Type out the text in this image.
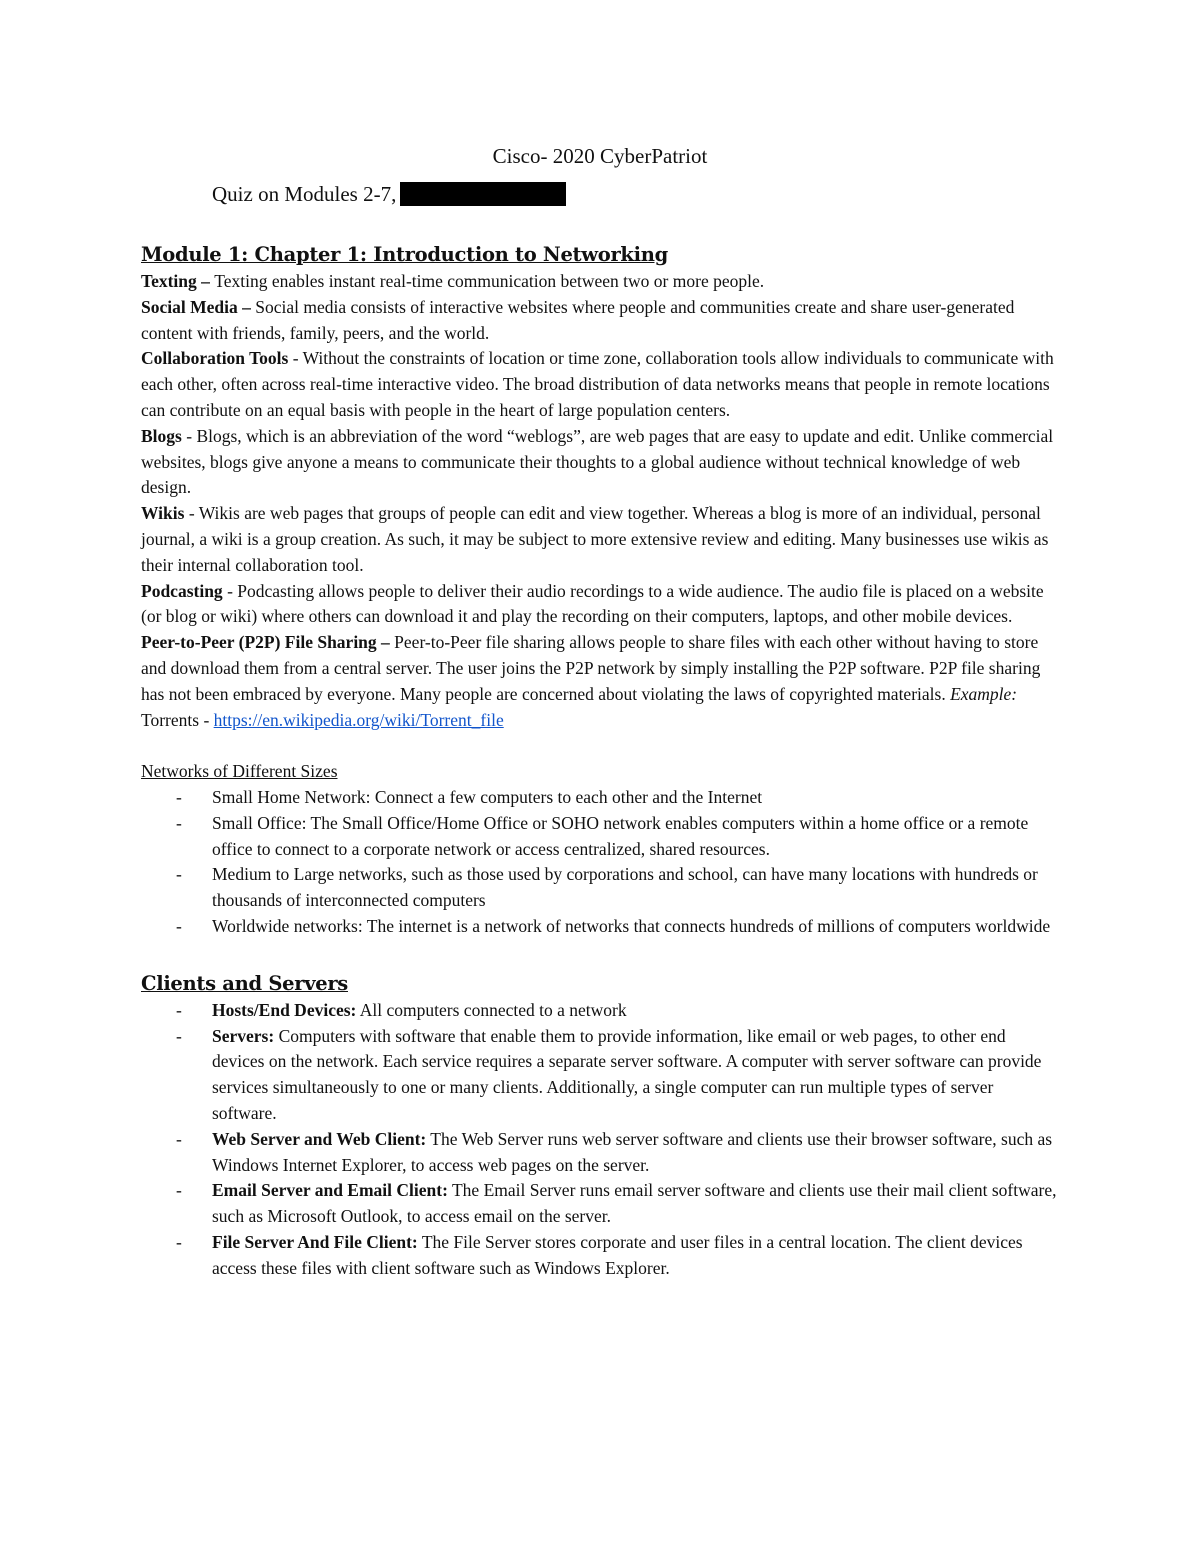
Cisco- 2020 CyberPatriot
Quiz on Modules 2-7,
Module 1: Chapter 1: Introduction to Networking

Texting – Texting enables instant real-time communication between two or more people.

Social Media – Social media consists of interactive websites where people and communities create and share user-generated content with friends, family, peers, and the world.

Collaboration Tools - Without the constraints of location or time zone, collaboration tools allow individuals to communicate with each other, often across real-time interactive video. The broad distribution of data networks means that people in remote locations can contribute on an equal basis with people in the heart of large population centers.

Blogs - Blogs, which is an abbreviation of the word “weblogs”, are web pages that are easy to update and edit. Unlike commercial websites, blogs give anyone a means to communicate their thoughts to a global audience without technical knowledge of web design.

Wikis - Wikis are web pages that groups of people can edit and view together. Whereas a blog is more of an individual, personal journal, a wiki is a group creation. As such, it may be subject to more extensive review and editing. Many businesses use wikis as their internal collaboration tool.

Podcasting - Podcasting allows people to deliver their audio recordings to a wide audience. The audio file is placed on a website (or blog or wiki) where others can download it and play the recording on their computers, laptops, and other mobile devices.

Peer-to-Peer (P2P) File Sharing – Peer-to-Peer file sharing allows people to share files with each other without having to store and download them from a central server. The user joins the P2P network by simply installing the P2P software. P2P file sharing has not been embraced by everyone. Many people are concerned about violating the laws of copyrighted materials. Example: Torrents - https://en.wikipedia.org/wiki/Torrent_file

Networks of Different Sizes

- Small Home Network: Connect a few computers to each other and the Internet
- Small Office: The Small Office/Home Office or SOHO network enables computers within a home office or a remote office to connect to a corporate network or access centralized, shared resources.
- Medium to Large networks, such as those used by corporations and school, can have many locations with hundreds or thousands of interconnected computers
- Worldwide networks: The internet is a network of networks that connects hundreds of millions of computers worldwide
Clients and Servers
- Hosts/End Devices: All computers connected to a network
- Servers: Computers with software that enable them to provide information, like email or web pages, to other end devices on the network. Each service requires a separate server software. A computer with server software can provide services simultaneously to one or many clients. Additionally, a single computer can run multiple types of server software.
- Web Server and Web Client: The Web Server runs web server software and clients use their browser software, such as Windows Internet Explorer, to access web pages on the server.
- Email Server and Email Client: The Email Server runs email server software and clients use their mail client software, such as Microsoft Outlook, to access email on the server.
- File Server And File Client: The File Server stores corporate and user files in a central location. The client devices access these files with client software such as Windows Explorer.
